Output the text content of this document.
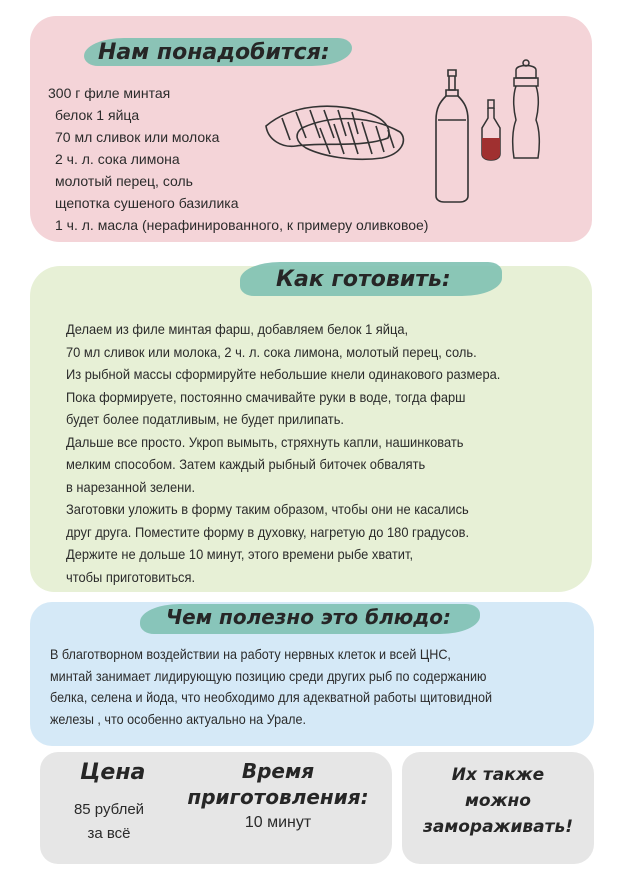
Нам понадобится:
Как готовить:
Чем полезно это блюдо:
300 г филе минтая
белок 1 яйца
70 мл сливок или молока
2 ч. л. сока лимона
молотый перец, соль
щепотка сушеного базилика
1 ч. л. масла (нерафинированного, к примеру оливковое)
Делаем из филе минтая фарш, добавляем белок 1 яйца,
70 мл сливок или молока, 2 ч. л. сока лимона, молотый перец, соль.
Из рыбной массы сформируйте небольшие кнели одинакового размера.
Пока формируете, постоянно смачивайте руки в воде, тогда фарш
будет более податливым, не будет прилипать.
Дальше все просто. Укроп вымыть, стряхнуть капли, нашинковать
мелким способом. Затем каждый рыбный биточек обвалять
в нарезанной зелени.
Заготовки уложить в форму таким образом, чтобы они не касались
друг друга. Поместите форму в духовку, нагретую до 180 градусов.
Держите не дольше 10 минут, этого времени рыбе хватит,
чтобы приготовиться.
В благотворном воздействии на работу нервных клеток и всей ЦНС,
минтай занимает лидирующую позицию среди других рыб по содержанию
белка, селена и йода, что необходимо для адекватной работы щитовидной
железы , что особенно актуально на Урале.
Цена
85 рублей
за всё
Время
приготовления:
10 минут
Их также
можно
замораживать!
